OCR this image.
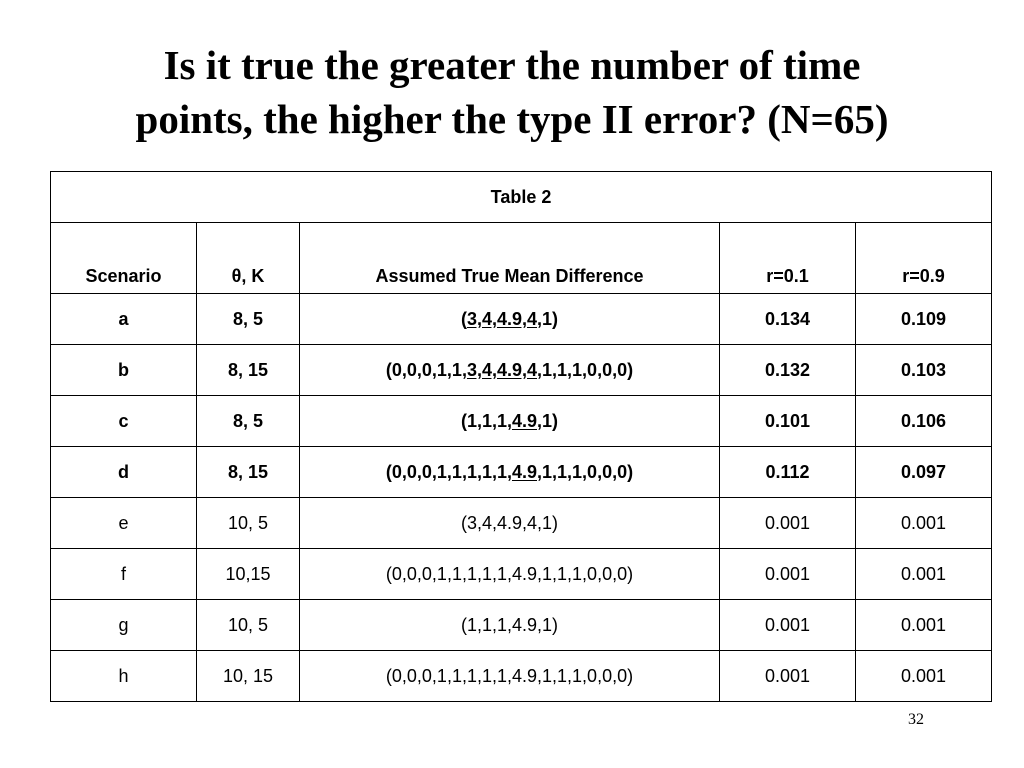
Is it true the greater the number of time
points, the higher the type II error? (N=65)
Table 2				
Scenario	θ, K	Assumed True Mean Difference	r=0.1	r=0.9
a	8, 5	(3,4,4.9,4,1)	0.134	0.109
b	8, 15	(0,0,0,1,1,3,4,4.9,4,1,1,1,0,0,0)	0.132	0.103
c	8, 5	(1,1,1,4.9,1)	0.101	0.106
d	8, 15	(0,0,0,1,1,1,1,1,4.9,1,1,1,0,0,0)	0.112	0.097
e	10, 5	(3,4,4.9,4,1)	0.001	0.001
f	10,15	(0,0,0,1,1,1,1,1,4.9,1,1,1,0,0,0)	0.001	0.001
g	10, 5	(1,1,1,4.9,1)	0.001	0.001
h	10, 15	(0,0,0,1,1,1,1,1,4.9,1,1,1,0,0,0)	0.001	0.001
32
